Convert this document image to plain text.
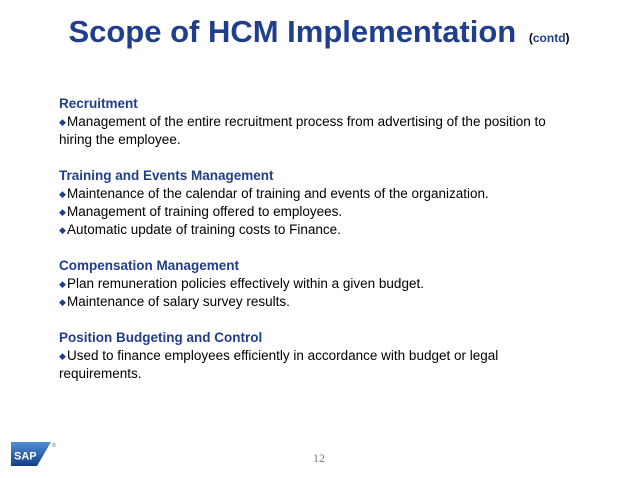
Scope of HCM Implementation (contd)
Recruitment
◆Management of the entire recruitment process from advertising of the position to hiring the employee.
Training and Events Management
◆Maintenance of the calendar of training and events of the organization.
◆Management of training offered to employees.
◆Automatic update of training costs to Finance.
Compensation Management
◆Plan remuneration policies effectively within a given budget.
◆Maintenance of salary survey results.
Position Budgeting and Control
◆Used to finance employees efficiently in accordance with budget or legal requirements.
12
SAP
®
